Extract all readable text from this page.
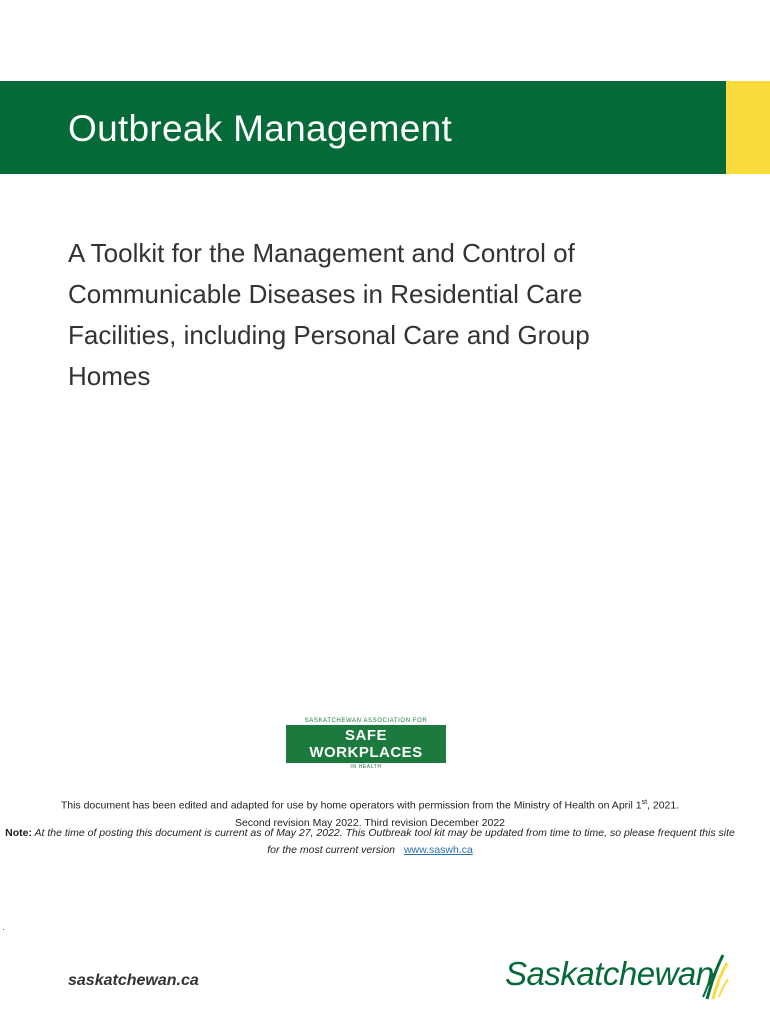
Outbreak Management
A Toolkit for the Management and Control of Communicable Diseases in Residential Care Facilities, including Personal Care and Group Homes
SASKATCHEWAN ASSOCIATION FOR
SAFE WORKPLACES
IN HEALTH
This document has been edited and adapted for use by home operators with permission from the Ministry of Health on April 1st, 2021.
Second revision May 2022. Third revision December 2022
Note: At the time of posting this document is current as of May 27, 2022. This Outbreak tool kit may be updated from time to time, so please frequent this site for the most current version www.saswh.ca
.
saskatchewan.ca	Saskatchewan
